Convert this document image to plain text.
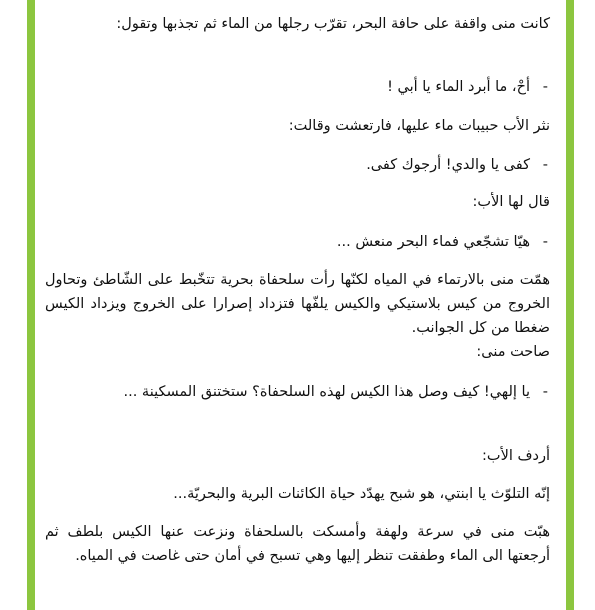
كانت منى واقفة على حافة البحر، تقرّب رجلها من الماء ثم تجذبها وتقول:

- أحْ، ما أبرد الماء يا أبي !

نثر الأب حبيبات ماء عليها، فارتعشت وقالت:

- كفى يا والدي! أرجوك كفى.

قال لها الأب:

- هيّا تشجّعي فماء البحر منعش ...

همّت منى بالارتماء في المياه لكنّها رأت سلحفاة بحرية تتخّبط على الشّاطئ وتحاول الخروج من كيس بلاستيكي والكيس يلفّها فتزداد إصرارا على الخروج ويزداد الكيس ضغطا من كل الجوانب.

صاحت منى:

- يا إلهي! كيف وصل هذا الكيس لهذه السلحفاة؟ ستختنق المسكينة ...

أردف الأب:

إنّه التلوّث يا ابنتي، هو شبح يهدّد حياة الكائنات البرية والبحريّة...

هبّت منى في سرعة ولهفة وأمسكت بالسلحفاة ونزعت عنها الكيس بلطف ثم أرجعتها الى الماء وطفقت تنظر إليها وهي تسبح في أمان حتى غاصت في المياه.
